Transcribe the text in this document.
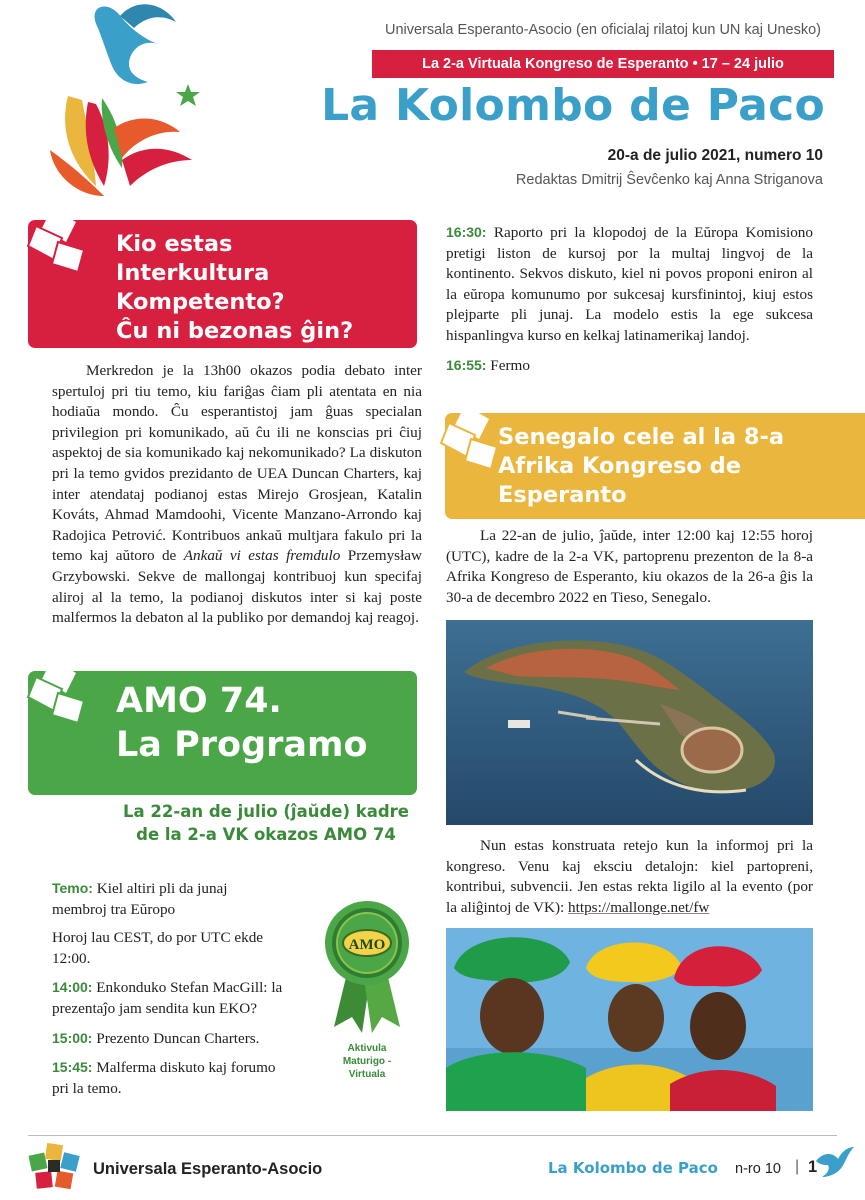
Universala Esperanto-Asocio (en oficialaj rilatoj kun UN kaj Unesko)
La 2-a Virtuala Kongreso de Esperanto • 17 – 24 julio
La Kolombo de Paco
20-a de julio 2021, numero 10
Redaktas Dmitrij Ŝevĉenko kaj Anna Striganova
Kio estas
Interkultura
Kompetento?
Ĉu ni bezonas ĝin?
Merkredon je la 13h00 okazos podia debato inter spertuloj pri tiu temo, kiu fariĝas ĉiam pli atentata en nia hodiaŭa mondo. Ĉu esperantistoj jam ĝuas specialan privilegion pri komunikado, aŭ ĉu ili ne konscias pri ĉiuj aspektoj de sia komunikado kaj nekomunikado? La diskuton pri la temo gvidos prezidanto de UEA Duncan Charters, kaj inter atendataj podianoj estas Mirejo Grosjean, Katalin Kováts, Ahmad Mamdoohi, Vicente Manzano-Arrondo kaj Radojica Petrović. Kontribuos ankaŭ multjara fakulo pri la temo kaj aŭtoro de Ankaŭ vi estas fremdulo Przemysław Grzybowski. Sekve de mallongaj kontribuoj kun specifaj aliroj al la temo, la podianoj diskutos inter si kaj poste malfermos la debaton al la publiko por demandoj kaj reagoj.
AMO 74.
La Programo
La 22-an de julio (ĵaŭde) kadre de la 2-a VK okazos AMO 74

Temo: Kiel altiri pli da junaj membroj tra Eŭropo

Horoj lau CEST, do por UTC ekde 12:00.

14:00: Enkonduko Stefan MacGill: la prezentaĵo jam sendita kun EKO?

15:00: Prezento Duncan Charters.

15:45: Malferma diskuto kaj forumo pri la temo.

AMO
Aktivula
Maturigo -
Virtuala

16:30: Raporto pri la klopodoj de la Eŭropa Komisiono pretigi liston de kursoj por la multaj lingvoj de la kontinento. Sekvos diskuto, kiel ni povos proponi eniron al la eŭropa komunumo por sukcesaj kursfinintoj, kiuj estos plejparte pli junaj. La modelo estis la ege sukcesa hispanlingva kurso en kelkaj latinamerikaj landoj.

16:55: Fermo

Senegalo cele al la 8-a
Afrika Kongreso de
Esperanto
La 22-an de julio, ĵaŭde, inter 12:00 kaj 12:55 horoj (UTC), kadre de la 2-a VK, partoprenu prezenton de la 8-a Afrika Kongreso de Esperanto, kiu okazos de la 26-a ĝis la 30-a de decembro 2022 en Tieso, Senegalo.
Nun estas konstruata retejo kun la informoj pri la kongreso. Venu kaj eksciu detalojn: kiel partopreni, kontribui, subvencii. Jen estas rekta ligilo al la evento (por la aliĝintoj de VK): https://mallonge.net/fw
Universala Esperanto-Asocio	La Kolombo de Paco n-ro 10 | 1
